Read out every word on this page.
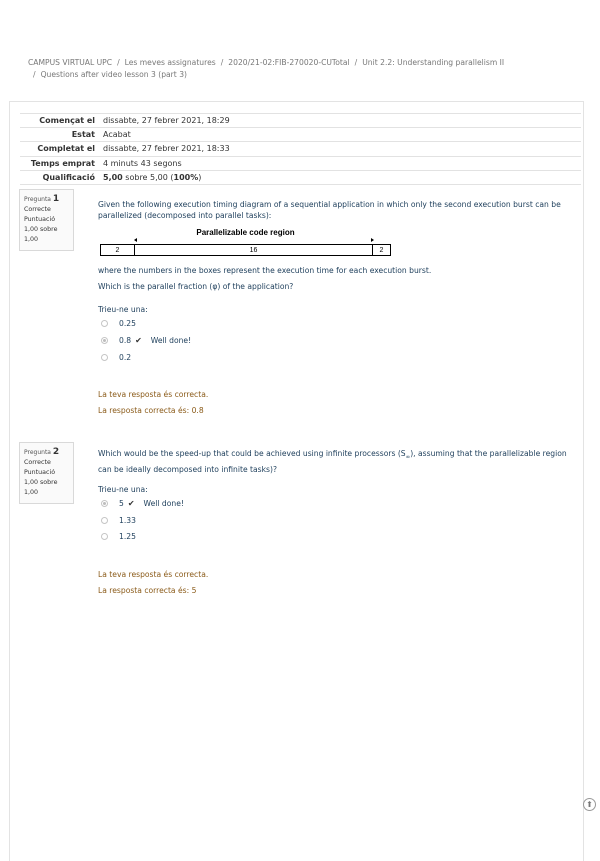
CAMPUS VIRTUAL UPC / Les meves assignatures / 2020/21-02:FIB-270020-CUTotal / Unit 2.2: Understanding parallelism II
/ Questions after video lesson 3 (part 3)
Començat el	dissabte, 27 febrer 2021, 18:29
Estat	Acabat
Completat el	dissabte, 27 febrer 2021, 18:33
Temps emprat	4 minuts 43 segons
Qualificació	5,00 sobre 5,00 (100%)
Pregunta 1
Correcte
Puntuació 1,00 sobre 1,00
Given the following execution timing diagram of a sequential application in which only the second execution burst can be parallelized (decomposed into parallel tasks):
Parallelizable code region
2	16	2
where the numbers in the boxes represent the execution time for each execution burst.
Which is the parallel fraction (φ) of the application?
Trieu-ne una:
0.25
0.8 ✔ Well done!
0.2
La teva resposta és correcta.
La resposta correcta és: 0.8
Pregunta 2
Correcte
Puntuació 1,00 sobre 1,00
Which would be the speed-up that could be achieved using infinite processors $(S_\infty)$, assuming that the parallelizable region can be ideally decomposed into infinite tasks)?
Trieu-ne una:
5 ✔ Well done!
1.33
1.25
La teva resposta és correcta.
La resposta correcta és: 5
⬆
